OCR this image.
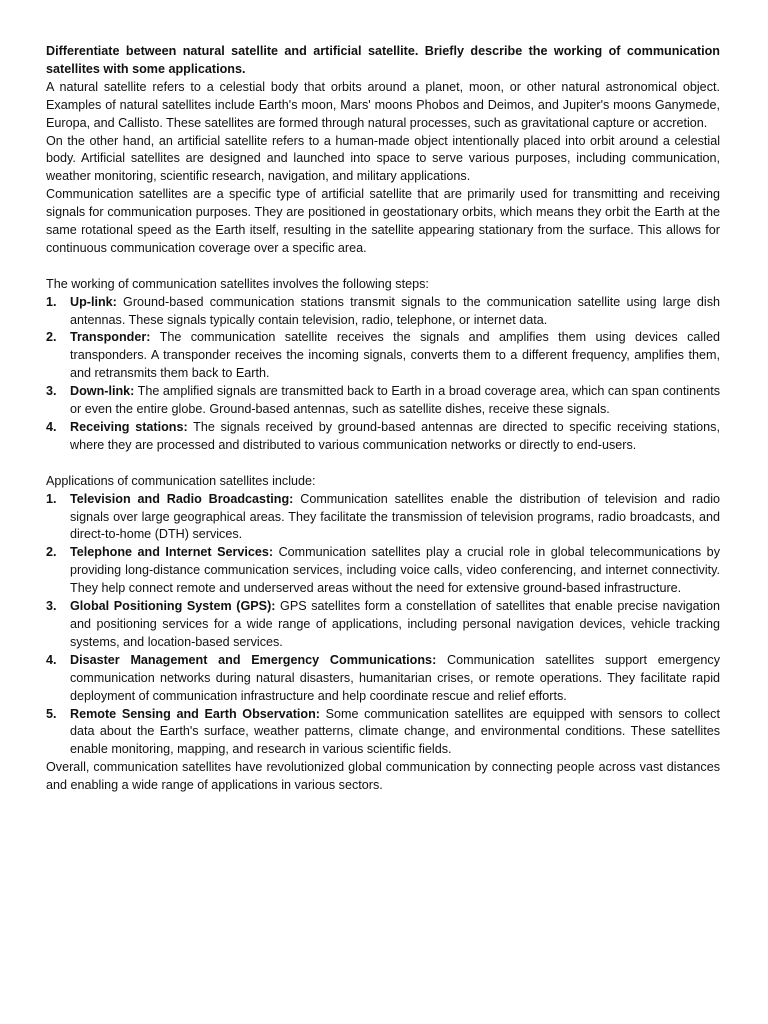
Differentiate between natural satellite and artificial satellite. Briefly describe the working of communication satellites with some applications.

A natural satellite refers to a celestial body that orbits around a planet, moon, or other natural astronomical object. Examples of natural satellites include Earth's moon, Mars' moons Phobos and Deimos, and Jupiter's moons Ganymede, Europa, and Callisto. These satellites are formed through natural processes, such as gravitational capture or accretion.

On the other hand, an artificial satellite refers to a human-made object intentionally placed into orbit around a celestial body. Artificial satellites are designed and launched into space to serve various purposes, including communication, weather monitoring, scientific research, navigation, and military applications.

Communication satellites are a specific type of artificial satellite that are primarily used for transmitting and receiving signals for communication purposes. They are positioned in geostationary orbits, which means they orbit the Earth at the same rotational speed as the Earth itself, resulting in the satellite appearing stationary from the surface. This allows for continuous communication coverage over a specific area.

The working of communication satellites involves the following steps:

1. Up-link: Ground-based communication stations transmit signals to the communication satellite using large dish antennas. These signals typically contain television, radio, telephone, or internet data.
2. Transponder: The communication satellite receives the signals and amplifies them using devices called transponders. A transponder receives the incoming signals, converts them to a different frequency, amplifies them, and retransmits them back to Earth.
3. Down-link: The amplified signals are transmitted back to Earth in a broad coverage area, which can span continents or even the entire globe. Ground-based antennas, such as satellite dishes, receive these signals.
4. Receiving stations: The signals received by ground-based antennas are directed to specific receiving stations, where they are processed and distributed to various communication networks or directly to end-users.

Applications of communication satellites include:

1. Television and Radio Broadcasting: Communication satellites enable the distribution of television and radio signals over large geographical areas. They facilitate the transmission of television programs, radio broadcasts, and direct-to-home (DTH) services.
2. Telephone and Internet Services: Communication satellites play a crucial role in global telecommunications by providing long-distance communication services, including voice calls, video conferencing, and internet connectivity. They help connect remote and underserved areas without the need for extensive ground-based infrastructure.
3. Global Positioning System (GPS): GPS satellites form a constellation of satellites that enable precise navigation and positioning services for a wide range of applications, including personal navigation devices, vehicle tracking systems, and location-based services.
4. Disaster Management and Emergency Communications: Communication satellites support emergency communication networks during natural disasters, humanitarian crises, or remote operations. They facilitate rapid deployment of communication infrastructure and help coordinate rescue and relief efforts.
5. Remote Sensing and Earth Observation: Some communication satellites are equipped with sensors to collect data about the Earth's surface, weather patterns, climate change, and environmental conditions. These satellites enable monitoring, mapping, and research in various scientific fields.

Overall, communication satellites have revolutionized global communication by connecting people across vast distances and enabling a wide range of applications in various sectors.
